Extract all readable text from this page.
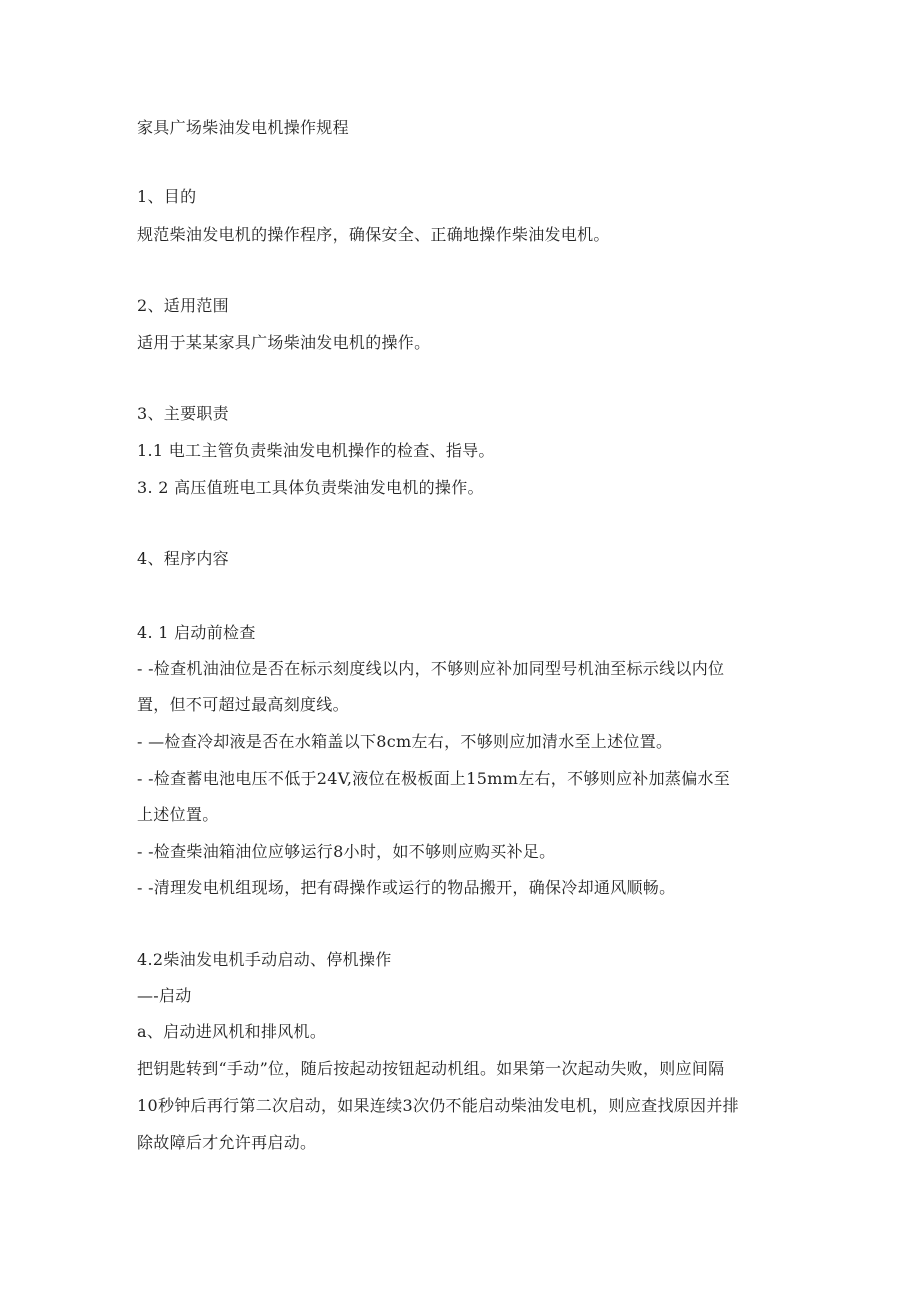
家具广场柴油发电机操作规程
1、目的
规范柴油发电机的操作程序，确保安全、正确地操作柴油发电机。
2、适用范围
适用于某某家具广场柴油发电机的操作。
3、主要职责
1.1 电工主管负责柴油发电机操作的检查、指导。
3. 2 高压值班电工具体负责柴油发电机的操作。
4、程序内容
4. 1 启动前检查
- -检查机油油位是否在标示刻度线以内，不够则应补加同型号机油至标示线以内位
置，但不可超过最高刻度线。
- —检查冷却液是否在水箱盖以下8cm左右，不够则应加清水至上述位置。
- -检查蓄电池电压不低于24V,液位在极板面上15mm左右，不够则应补加蒸偏水至
上述位置。
- -检查柴油箱油位应够运行8小时，如不够则应购买补足。
- -清理发电机组现场，把有碍操作或运行的物品搬开，确保冷却通风顺畅。
4.2柴油发电机手动启动、停机操作
—-启动
a、启动进风机和排风机。
把钥匙转到“手动”位，随后按起动按钮起动机组。如果第一次起动失败，则应间隔
10秒钟后再行第二次启动，如果连续3次仍不能启动柴油发电机，则应查找原因并排
除故障后才允许再启动。
